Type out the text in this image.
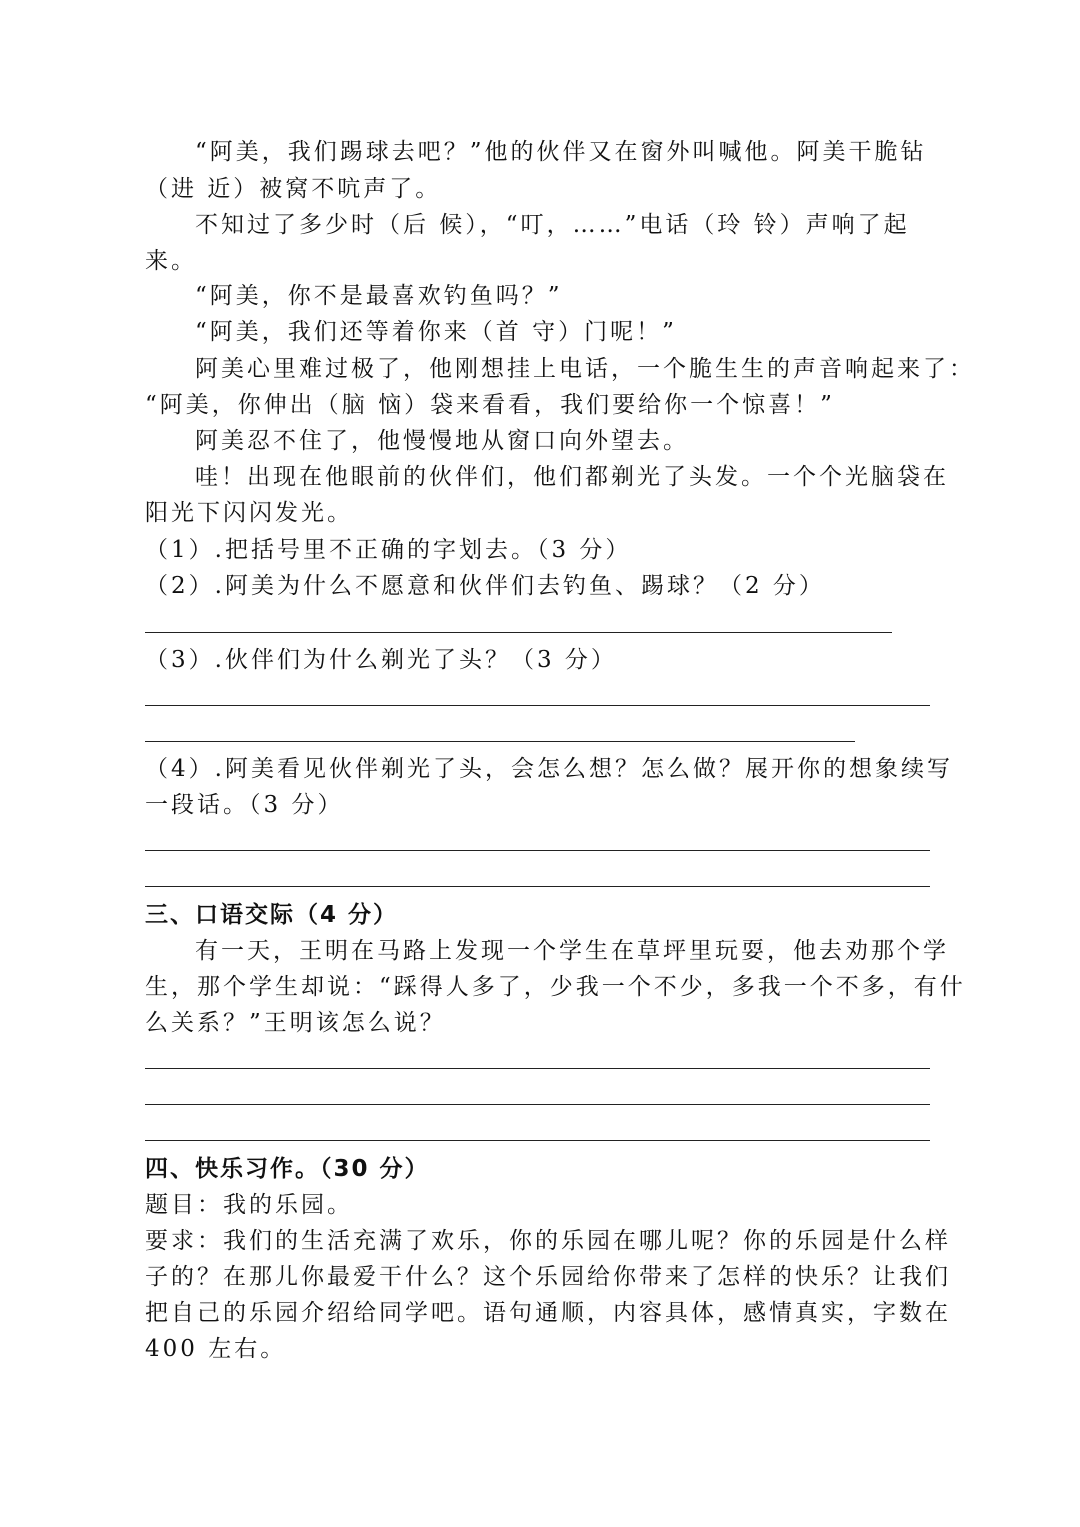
“阿美，我们踢球去吧？”他的伙伴又在窗外叫喊他。阿美干脆钻
（进 近）被窝不吭声了。
不知过了多少时（后 候），“叮，……”电话（玲 铃）声响了起
来。
“阿美，你不是最喜欢钓鱼吗？”
“阿美，我们还等着你来（首 守）门呢！”
阿美心里难过极了，他刚想挂上电话，一个脆生生的声音响起来了：
“阿美，你伸出（脑 恼）袋来看看，我们要给你一个惊喜！”
阿美忍不住了，他慢慢地从窗口向外望去。
哇！出现在他眼前的伙伴们，他们都剃光了头发。一个个光脑袋在
阳光下闪闪发光。
（1）.把括号里不正确的字划去。（3 分）
（2）.阿美为什么不愿意和伙伴们去钓鱼、踢球？（2 分）
（3）.伙伴们为什么剃光了头？（3 分）
（4）.阿美看见伙伴剃光了头，会怎么想？怎么做？展开你的想象续写
一段话。（3 分）
三、口语交际（4 分）
有一天，王明在马路上发现一个学生在草坪里玩耍，他去劝那个学
生，那个学生却说：“踩得人多了，少我一个不少，多我一个不多，有什
么关系？”王明该怎么说？
四、快乐习作。（30 分）
题目：我的乐园。
要求：我们的生活充满了欢乐，你的乐园在哪儿呢？你的乐园是什么样
子的？在那儿你最爱干什么？这个乐园给你带来了怎样的快乐？让我们
把自己的乐园介绍给同学吧。语句通顺，内容具体，感情真实，字数在
400 左右。
